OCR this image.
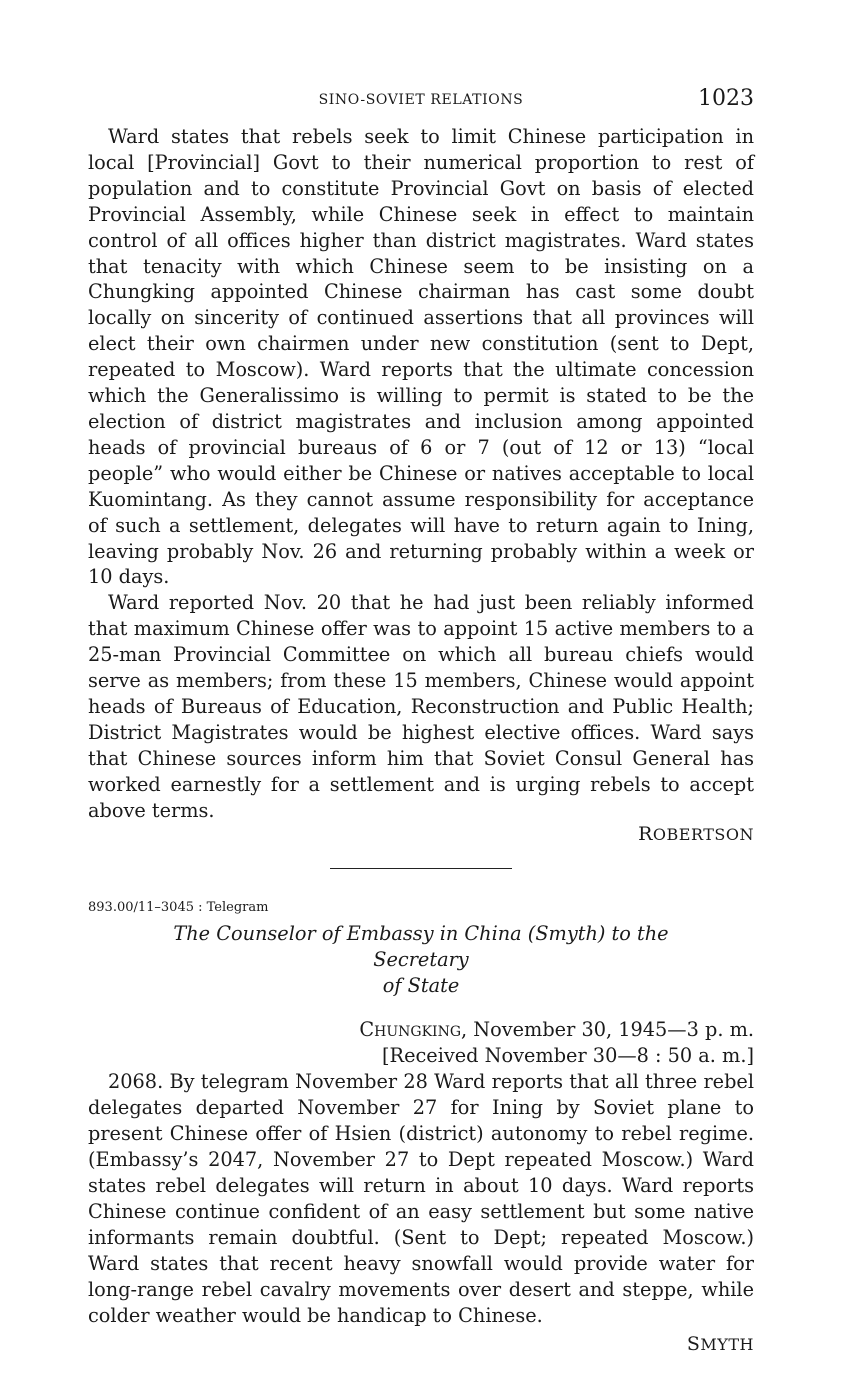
SINO-SOVIET RELATIONS	1023

Ward states that rebels seek to limit Chinese participation in local [Provincial] Govt to their numerical proportion to rest of population and to constitute Provincial Govt on basis of elected Provincial Assembly, while Chinese seek in effect to maintain control of all offices higher than district magistrates. Ward states that tenacity with which Chinese seem to be insisting on a Chungking appointed Chinese chairman has cast some doubt locally on sincerity of continued assertions that all provinces will elect their own chairmen under new constitution (sent to Dept, repeated to Moscow). Ward reports that the ultimate concession which the Generalissimo is willing to permit is stated to be the election of district magistrates and inclusion among appointed heads of provincial bureaus of 6 or 7 (out of 12 or 13) “local people” who would either be Chinese or natives acceptable to local Kuomintang. As they cannot assume responsibility for acceptance of such a settlement, delegates will have to return again to Ining, leaving probably Nov. 26 and returning probably within a week or 10 days.

Ward reported Nov. 20 that he had just been reliably informed that maximum Chinese offer was to appoint 15 active members to a 25-man Provincial Committee on which all bureau chiefs would serve as members; from these 15 members, Chinese would appoint heads of Bureaus of Education, Reconstruction and Public Health; District Magistrates would be highest elective offices. Ward says that Chinese sources inform him that Soviet Consul General has worked earnestly for a settlement and is urging rebels to accept above terms.

ROBERTSON
893.00/11–3045 : Telegram
The Counselor of Embassy in China (Smyth) to the Secretary
of State
Chungking, November 30, 1945—3 p. m.
[Received November 30—8 : 50 a. m.]

2068. By telegram November 28 Ward reports that all three rebel delegates departed November 27 for Ining by Soviet plane to present Chinese offer of Hsien (district) autonomy to rebel regime. (Embassy’s 2047, November 27 to Dept repeated Moscow.) Ward states rebel delegates will return in about 10 days. Ward reports Chinese continue confident of an easy settlement but some native informants remain doubtful. (Sent to Dept; repeated Moscow.) Ward states that recent heavy snowfall would provide water for long-range rebel cavalry movements over desert and steppe, while colder weather would be handicap to Chinese.

SMYTH
